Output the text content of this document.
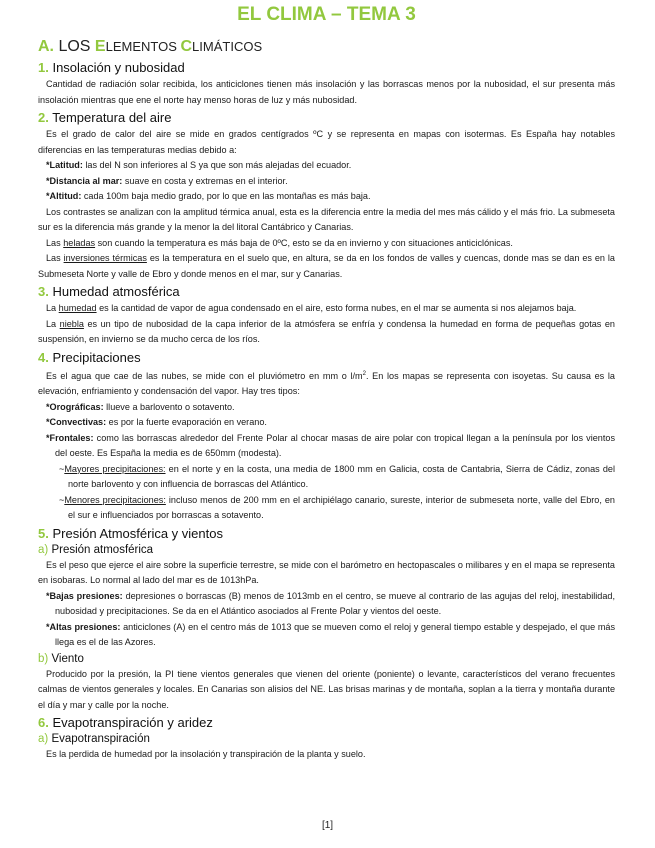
EL CLIMA – TEMA 3
A. LOS ELEMENTOS CLIMÁTICOS
1. Insolación y nubosidad

Cantidad de radiación solar recibida, los anticiclones tienen más insolación y las borrascas menos por la nubosidad, el sur presenta más insolación mientras que ene el norte hay menso horas de luz y más nubosidad.

2. Temperatura del aire

Es el grado de calor del aire se mide en grados centígrados ºC y se representa en mapas con isotermas. Es España hay notables diferencias en las temperaturas medias debido a:

*Latitud: las del N son inferiores al S ya que son más alejadas del ecuador.
*Distancia al mar: suave en costa y extremas en el interior.
*Altitud: cada 100m baja medio grado, por lo que en las montañas es más baja.

Los contrastes se analizan con la amplitud térmica anual, esta es la diferencia entre la media del mes más cálido y el más frio. La submeseta sur es la diferencia más grande y la menor la del litoral Cantábrico y Canarias.

Las heladas son cuando la temperatura es más baja de 0ºC, esto se da en invierno y con situaciones anticiclónicas.

Las inversiones térmicas es la temperatura en el suelo que, en altura, se da en los fondos de valles y cuencas, donde mas se dan es en la Submeseta Norte y valle de Ebro y donde menos en el mar, sur y Canarias.

3. Humedad atmosférica

La humedad es la cantidad de vapor de agua condensado en el aire, esto forma nubes, en el mar se aumenta si nos alejamos baja.

La niebla es un tipo de nubosidad de la capa inferior de la atmósfera se enfría y condensa la humedad en forma de pequeñas gotas en suspensión, en invierno se da mucho cerca de los ríos.

4. Precipitaciones

Es el agua que cae de las nubes, se mide con el pluviómetro en mm o $l/m^2$. En los mapas se representa con isoyetas. Su causa es la elevación, enfriamiento y condensación del vapor. Hay tres tipos:

*Orográficas: llueve a barlovento o sotavento.
*Convectivas: es por la fuerte evaporación en verano.
*Frontales: como las borrascas alrededor del Frente Polar al chocar masas de aire polar con tropical llegan a la península por los vientos del oeste. Es España la media es de 650mm (modesta).
~Mayores precipitaciones: en el norte y en la costa, una media de 1800 mm en Galicia, costa de Cantabria, Sierra de Cádiz, zonas del norte barlovento y con influencia de borrascas del Atlántico.
~Menores precipitaciones: incluso menos de 200 mm en el archipiélago canario, sureste, interior de submeseta norte, valle del Ebro, en el sur e influenciados por borrascas a sotavento.
5. Presión Atmosférica y vientos
a) Presión atmosférica

Es el peso que ejerce el aire sobre la superficie terrestre, se mide con el barómetro en hectopascales o milibares y en el mapa se representa en isobaras. Lo normal al lado del mar es de 1013hPa.

*Bajas presiones: depresiones o borrascas (B) menos de 1013mb en el centro, se mueve al contrario de las agujas del reloj, inestabilidad, nubosidad y precipitaciones. Se da en el Atlántico asociados al Frente Polar y vientos del oeste.
*Altas presiones: anticiclones (A) en el centro más de 1013 que se mueven como el reloj y general tiempo estable y despejado, el que más llega es el de las Azores.
b) Viento

Producido por la presión, la PI tiene vientos generales que vienen del oriente (poniente) o levante, característicos del verano frecuentes calmas de vientos generales y locales. En Canarias son alisios del NE. Las brisas marinas y de montaña, soplan a la tierra y montaña durante el día y mar y calle por la noche.

6. Evapotranspiración y aridez
a) Evapotranspiración

Es la perdida de humedad por la insolación y transpiración de la planta y suelo.

[1]
